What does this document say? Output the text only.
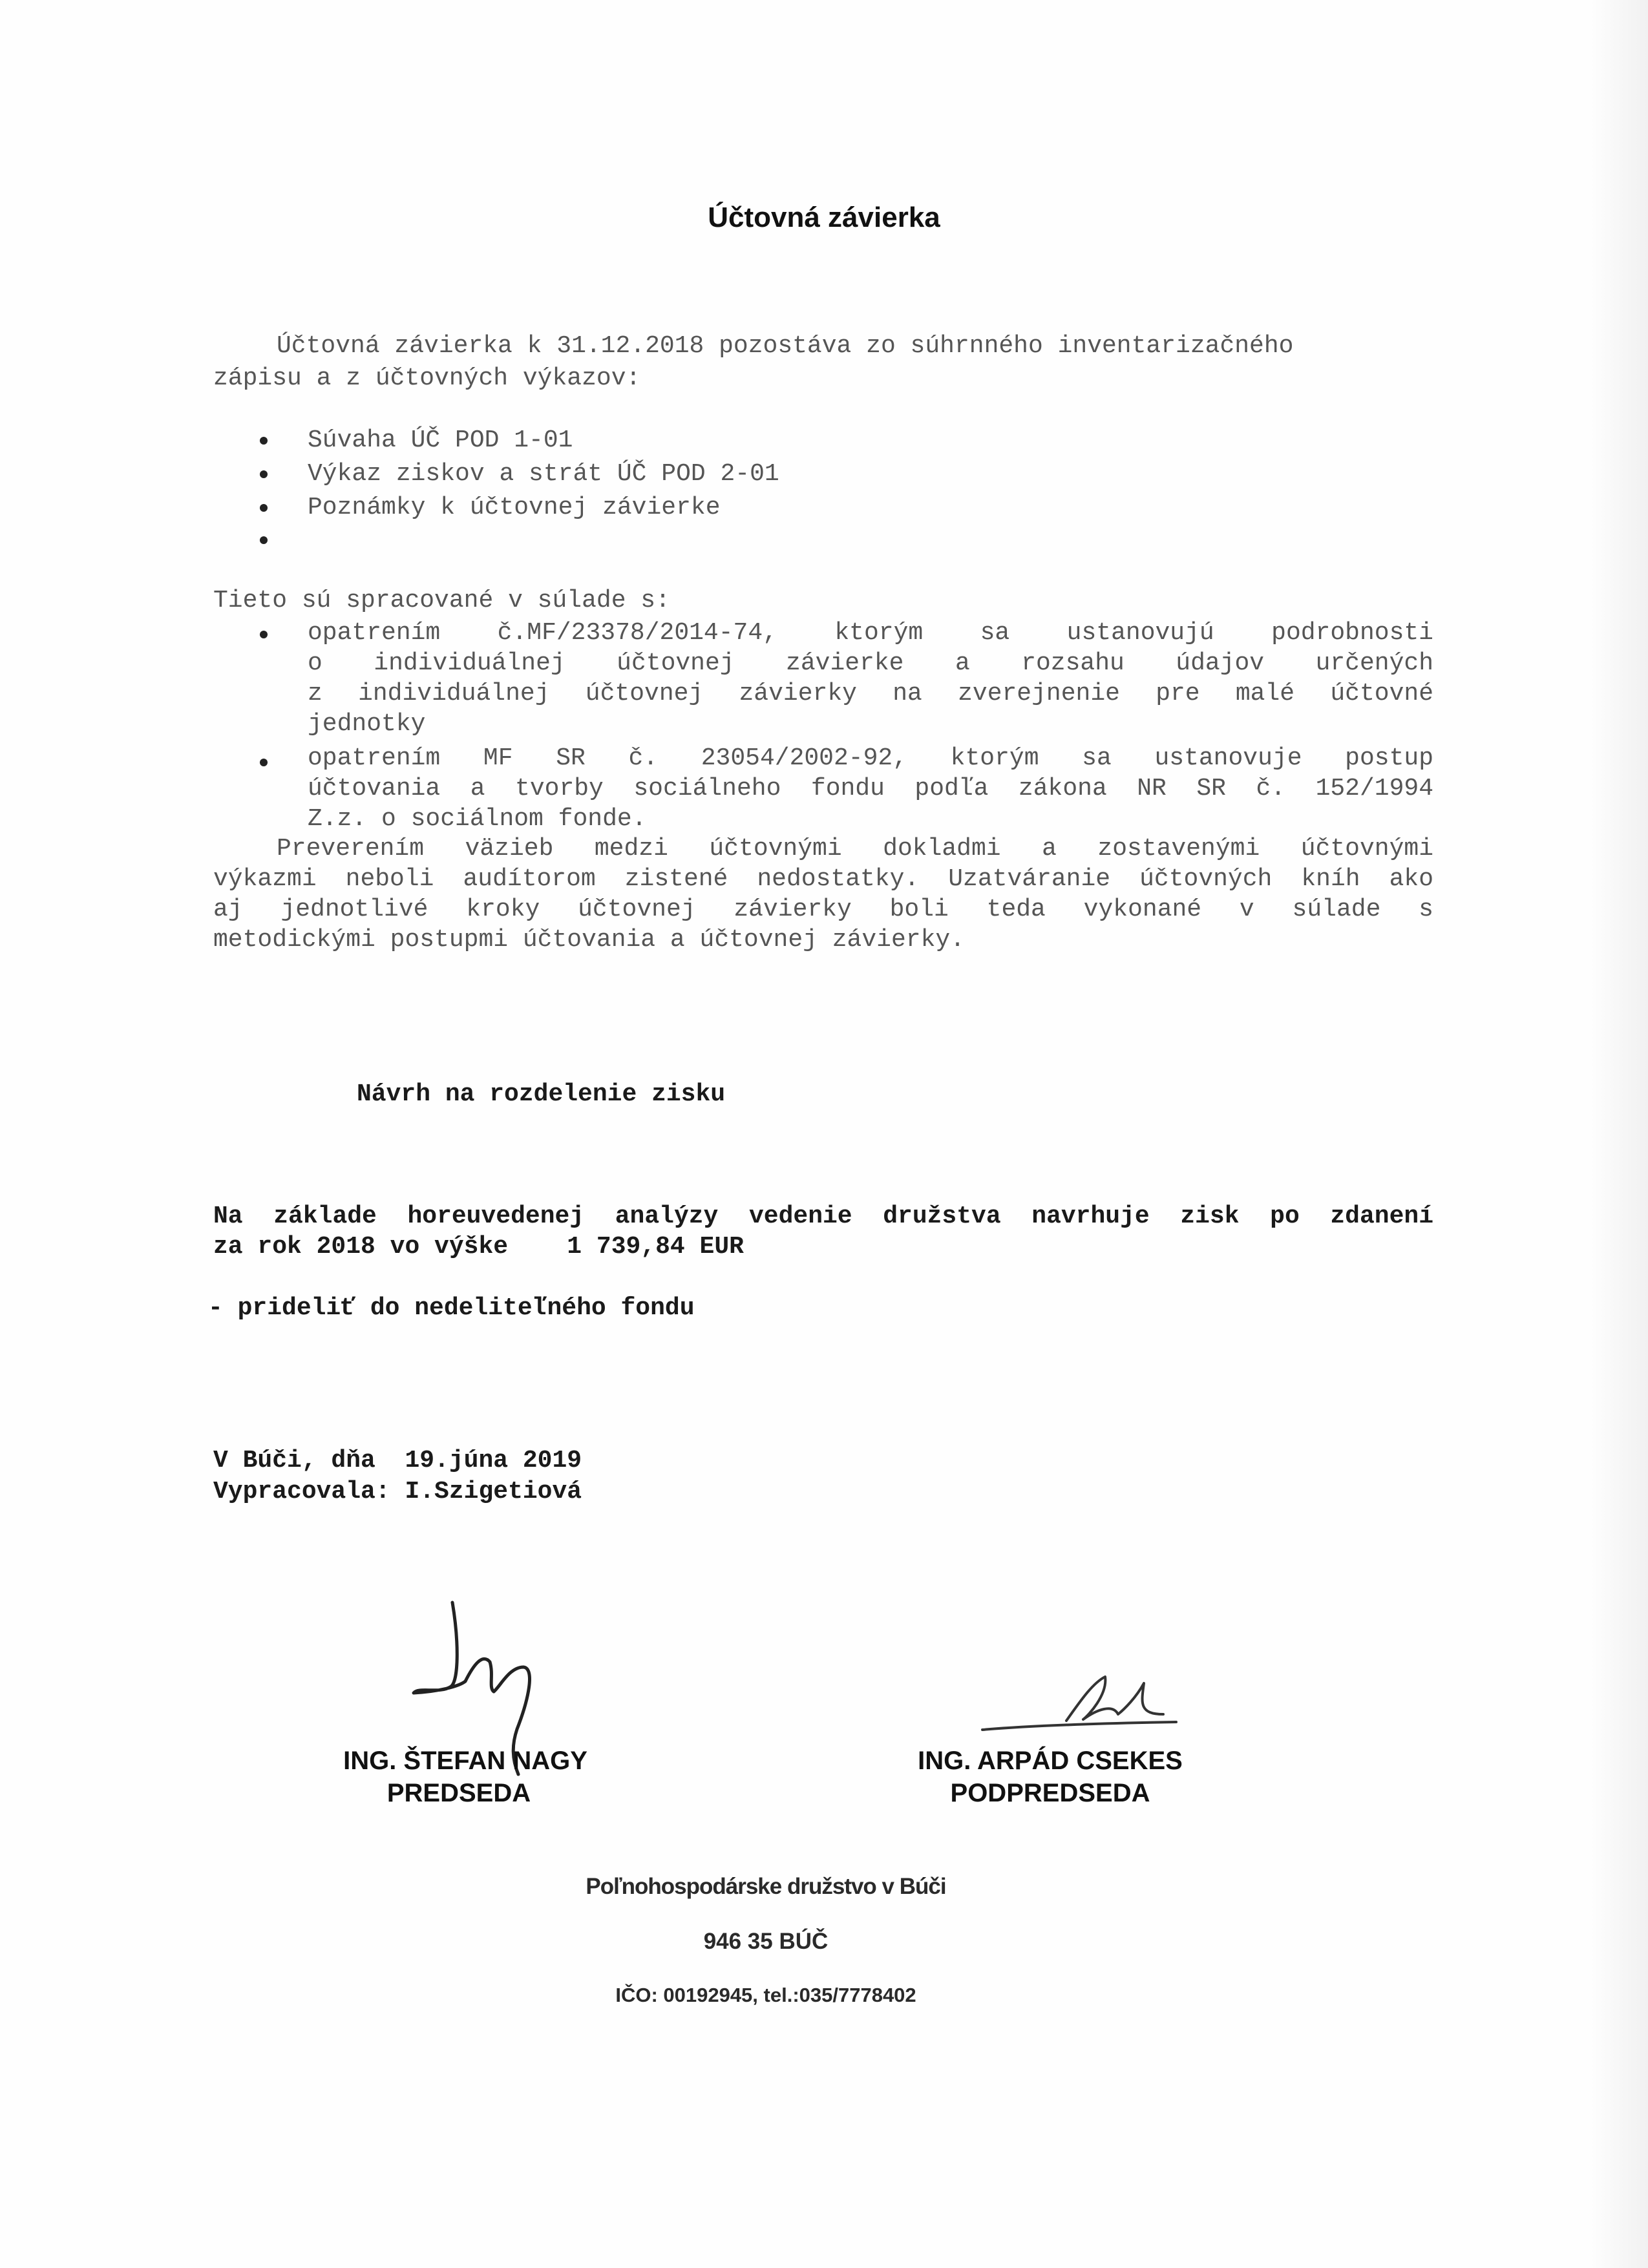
Účtovná závierka
Účtovná závierka k 31.12.2018 pozostáva zo súhrnného inventarizačného
zápisu a z účtovných výkazov:
Súvaha ÚČ POD 1-01
Výkaz ziskov a strát ÚČ POD 2-01
Poznámky k účtovnej závierke
Tieto sú spracované v súlade s:
opatrením č.MF/23378/2014-74, ktorým sa ustanovujú podrobnosti
o individuálnej účtovnej závierke a rozsahu údajov určených
z individuálnej účtovnej závierky na zverejnenie pre malé účtovné
jednotky
opatrením MF SR č. 23054/2002-92, ktorým sa ustanovuje postup
účtovania a tvorby sociálneho fondu podľa zákona NR SR č. 152/1994
Z.z. o sociálnom fonde.
Preverením väzieb medzi účtovnými dokladmi a zostavenými účtovnými
výkazmi neboli audítorom zistené nedostatky. Uzatváranie účtovných kníh ako
aj jednotlivé kroky účtovnej závierky boli teda vykonané v súlade s
metodickými postupmi účtovania a účtovnej závierky.
Návrh na rozdelenie zisku
Na základe horeuvedenej analýzy vedenie družstva navrhuje zisk po zdanení
za rok 2018 vo výške    1 739,84 EUR
- prideliť do nedeliteľného fondu
V Búči, dňa  19.júna 2019
Vypracovala: I.Szigetiová
ING. ŠTEFAN NAGY
PREDSEDA
ING. ARPÁD CSEKES
PODPREDSEDA
Poľnohospodárske družstvo v Búči
946 35 BÚČ
IČO: 00192945, tel.:035/7778402
